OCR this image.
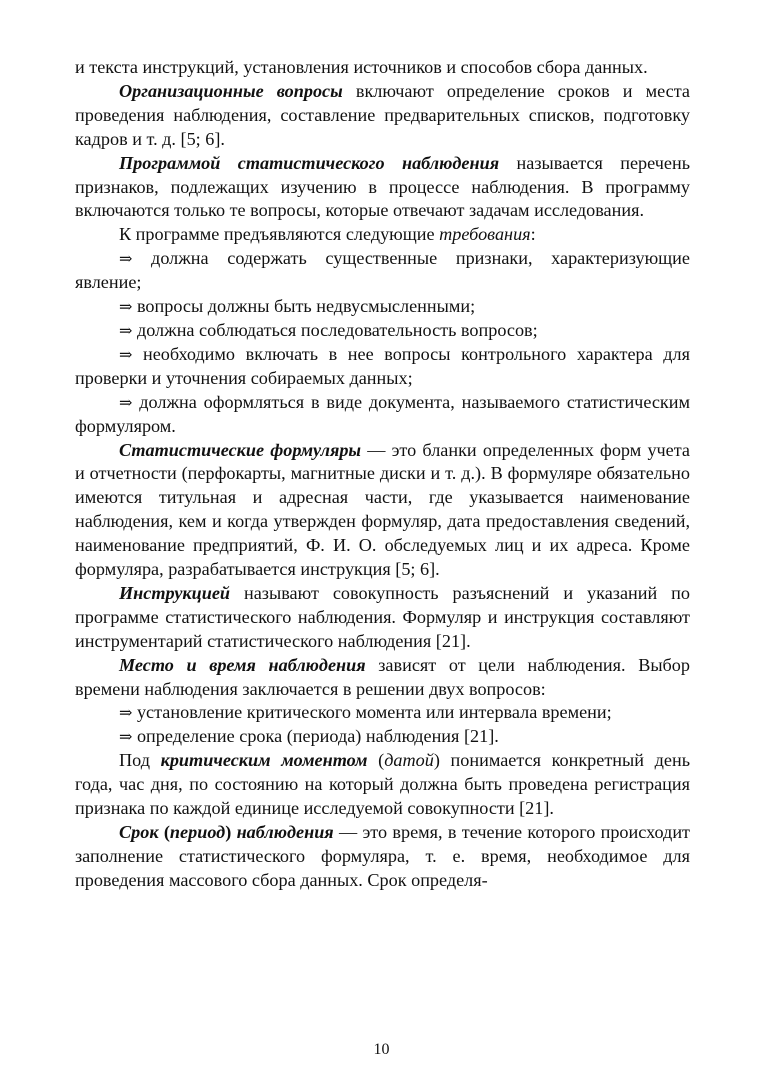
и текста инструкций, установления источников и способов сбора данных.

Организационные вопросы включают определение сроков и места проведения наблюдения, составление предварительных списков, подготовку кадров и т. д. [5; 6].

Программой статистического наблюдения называется перечень признаков, подлежащих изучению в процессе наблюдения. В программу включаются только те вопросы, которые отвечают задачам исследования.

К программе предъявляются следующие требования:

⇒ должна содержать существенные признаки, характеризующие явление;

⇒ вопросы должны быть недвусмысленными;

⇒ должна соблюдаться последовательность вопросов;

⇒ необходимо включать в нее вопросы контрольного характера для проверки и уточнения собираемых данных;

⇒ должна оформляться в виде документа, называемого статистическим формуляром.

Статистические формуляры — это бланки определенных форм учета и отчетности (перфокарты, магнитные диски и т. д.). В формуляре обязательно имеются титульная и адресная части, где указывается наименование наблюдения, кем и когда утвержден формуляр, дата предоставления сведений, наименование предприятий, Ф. И. О. обследуемых лиц и их адреса. Кроме формуляра, разрабатывается инструкция [5; 6].

Инструкцией называют совокупность разъяснений и указаний по программе статистического наблюдения. Формуляр и инструкция составляют инструментарий статистического наблюдения [21].

Место и время наблюдения зависят от цели наблюдения. Выбор времени наблюдения заключается в решении двух вопросов:

⇒ установление критического момента или интервала времени;

⇒ определение срока (периода) наблюдения [21].

Под критическим моментом (датой) понимается конкретный день года, час дня, по состоянию на который должна быть проведена регистрация признака по каждой единице исследуемой совокупности [21].

Срок (период) наблюдения — это время, в течение которого происходит заполнение статистического формуляра, т. е. время, необходимое для проведения массового сбора данных. Срок определя-

10
